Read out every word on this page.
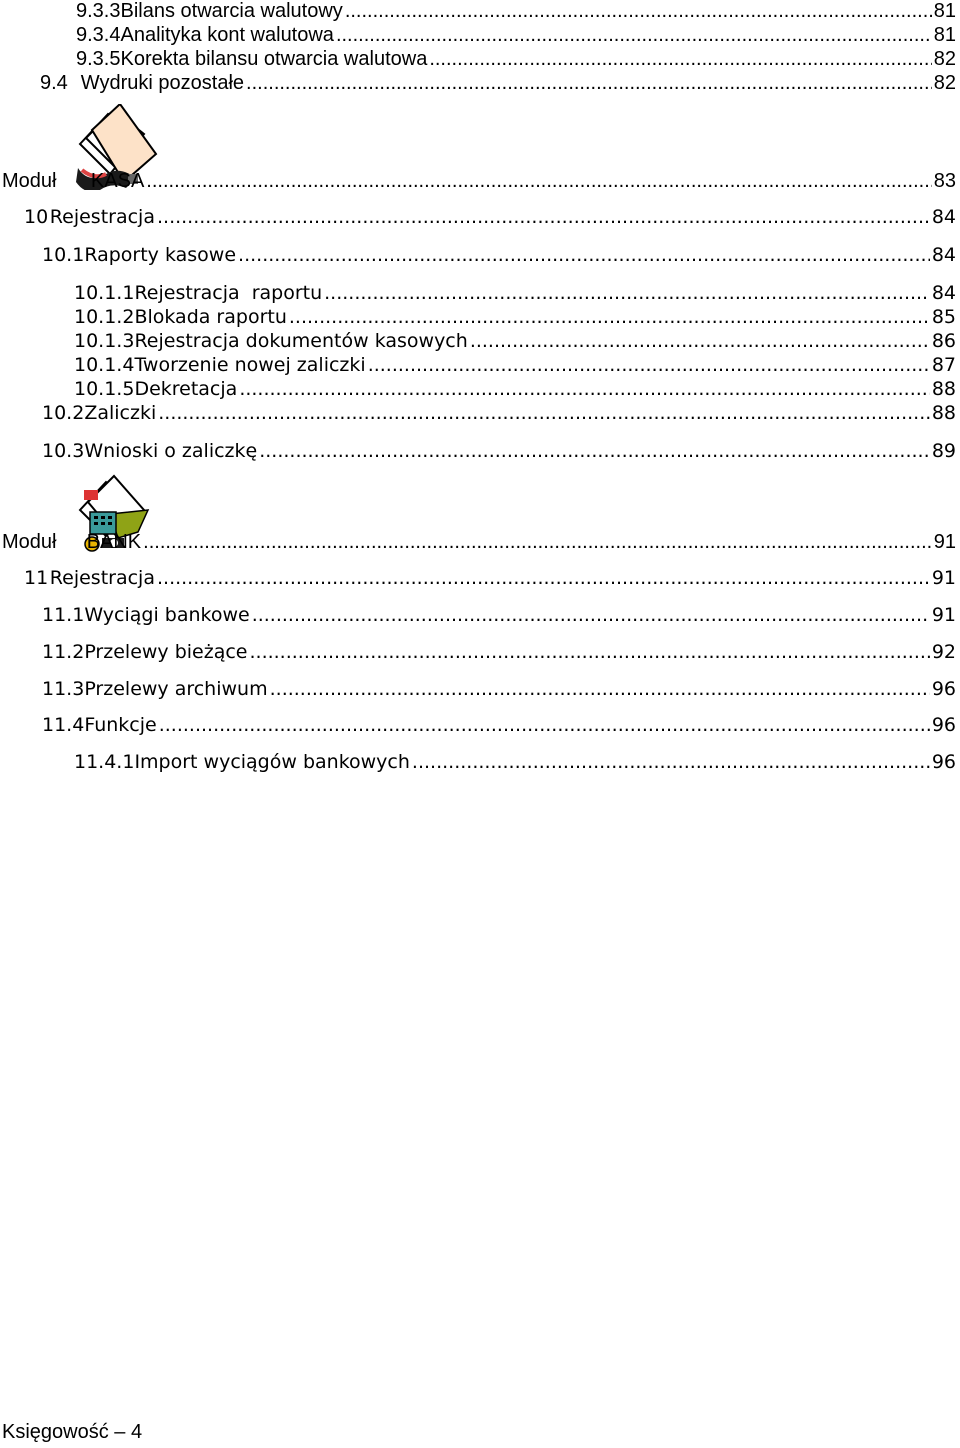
9.3.3 Bilans otwarcia walutowy .....	81
9.3.4 Analityka kont walutowa .....	81
9.3.5 Korekta bilansu otwarcia walutowa .....	82
9.4 Wydruki pozostałe .....	82
Moduł	KASA .....	83
10 Rejestracja .....	84
10.1 Raporty kasowe .....	84
10.1.1 Rejestracja  raportu .....	84
10.1.2 Blokada raportu .....	85
10.1.3 Rejestracja dokumentów kasowych .....	86
10.1.4 Tworzenie nowej zaliczki .....	87
10.1.5 Dekretacja .....	88
10.2 Zaliczki .....	88
10.3 Wnioski o zaliczkę .....	89
Moduł	BANK .....	91
11 Rejestracja .....	91
11.1 Wyciągi bankowe .....	91
11.2 Przelewy bieżące .....	92
11.3 Przelewy archiwum .....	96
11.4 Funkcje .....	96
11.4.1 Import wyciągów bankowych .....	96
Księgowość – 4
